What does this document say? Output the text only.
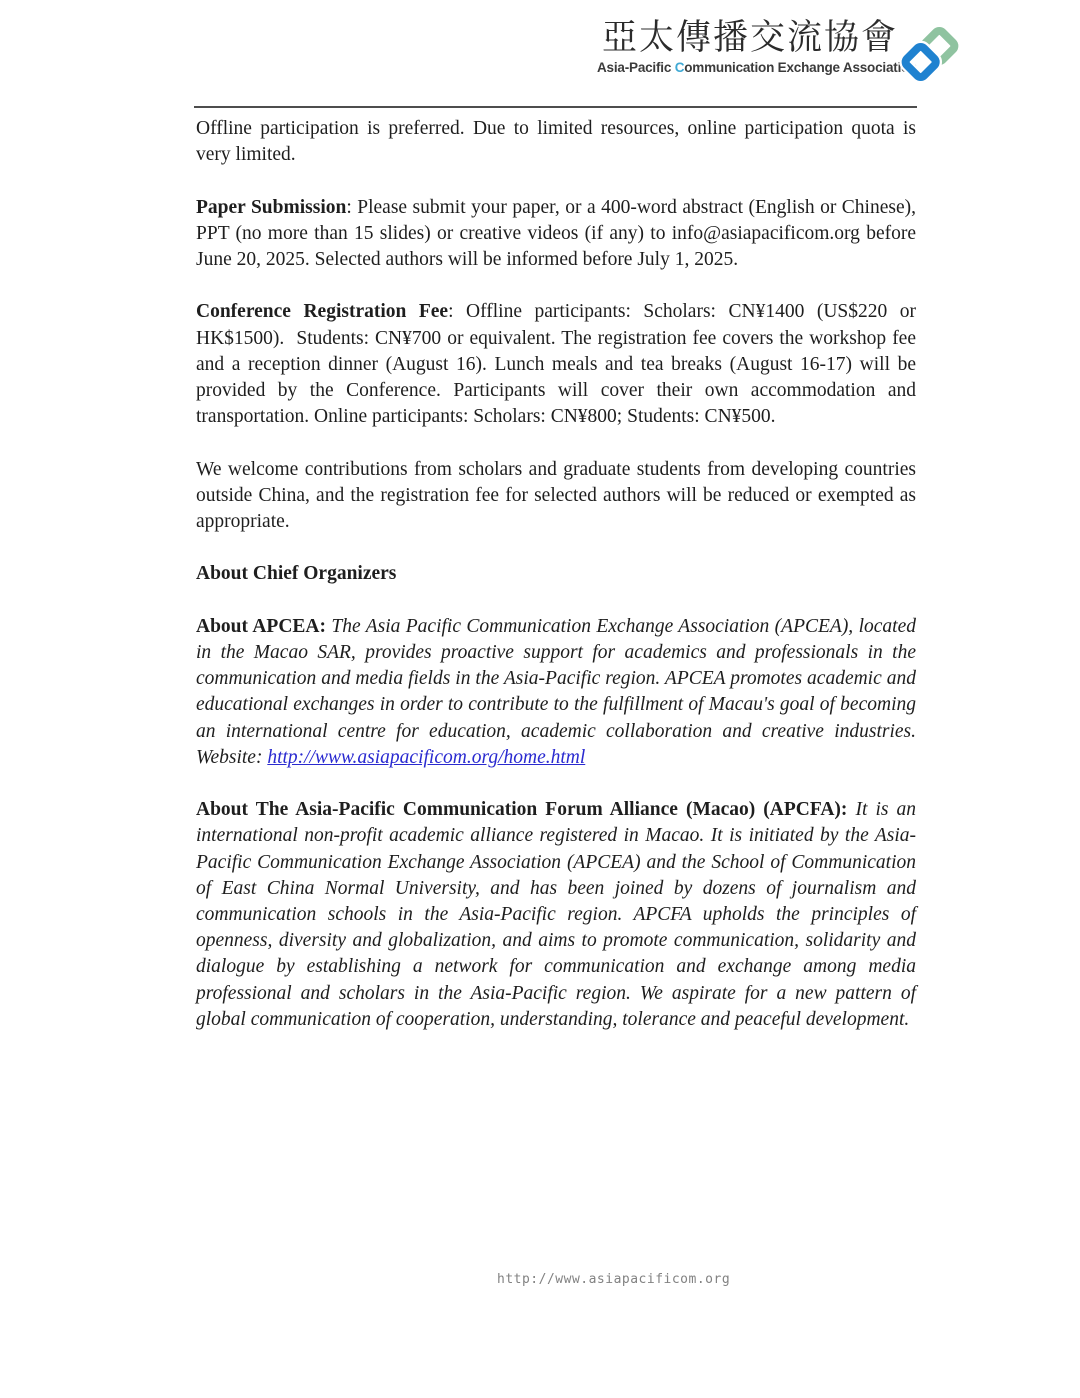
亞太傳播交流協會
Asia-Pacific Communication Exchange Association

Offline participation is preferred. Due to limited resources, online participation quota is very limited.

Paper Submission: Please submit your paper, or a 400-word abstract (English or Chinese), PPT (no more than 15 slides) or creative videos (if any) to info@asiapacificom.org before June 20, 2025. Selected authors will be informed before July 1, 2025.

Conference Registration Fee: Offline participants: Scholars: CN¥1400 (US$220 or HK$1500).  Students: CN¥700 or equivalent. The registration fee covers the workshop fee and a reception dinner (August 16). Lunch meals and tea breaks (August 16-17) will be provided by the Conference. Participants will cover their own accommodation and transportation. Online participants: Scholars: CN¥800; Students: CN¥500.

We welcome contributions from scholars and graduate students from developing countries outside China, and the registration fee for selected authors will be reduced or exempted as appropriate.

About Chief Organizers

About APCEA: The Asia Pacific Communication Exchange Association (APCEA), located in the Macao SAR, provides proactive support for academics and professionals in the communication and media fields in the Asia-Pacific region. APCEA promotes academic and educational exchanges in order to contribute to the fulfillment of Macau's goal of becoming an international centre for education, academic collaboration and creative industries. Website: http://www.asiapacificom.org/home.html

About The Asia-Pacific Communication Forum Alliance (Macao) (APCFA): It is an international non-profit academic alliance registered in Macao. It is initiated by the Asia-Pacific Communication Exchange Association (APCEA) and the School of Communication of East China Normal University, and has been joined by dozens of journalism and communication schools in the Asia-Pacific region. APCFA upholds the principles of openness, diversity and globalization, and aims to promote communication, solidarity and dialogue by establishing a network for communication and exchange among media professional and scholars in the Asia-Pacific region. We aspirate for a new pattern of global communication of cooperation, understanding, tolerance and peaceful development.

http://www.asiapacificom.org
